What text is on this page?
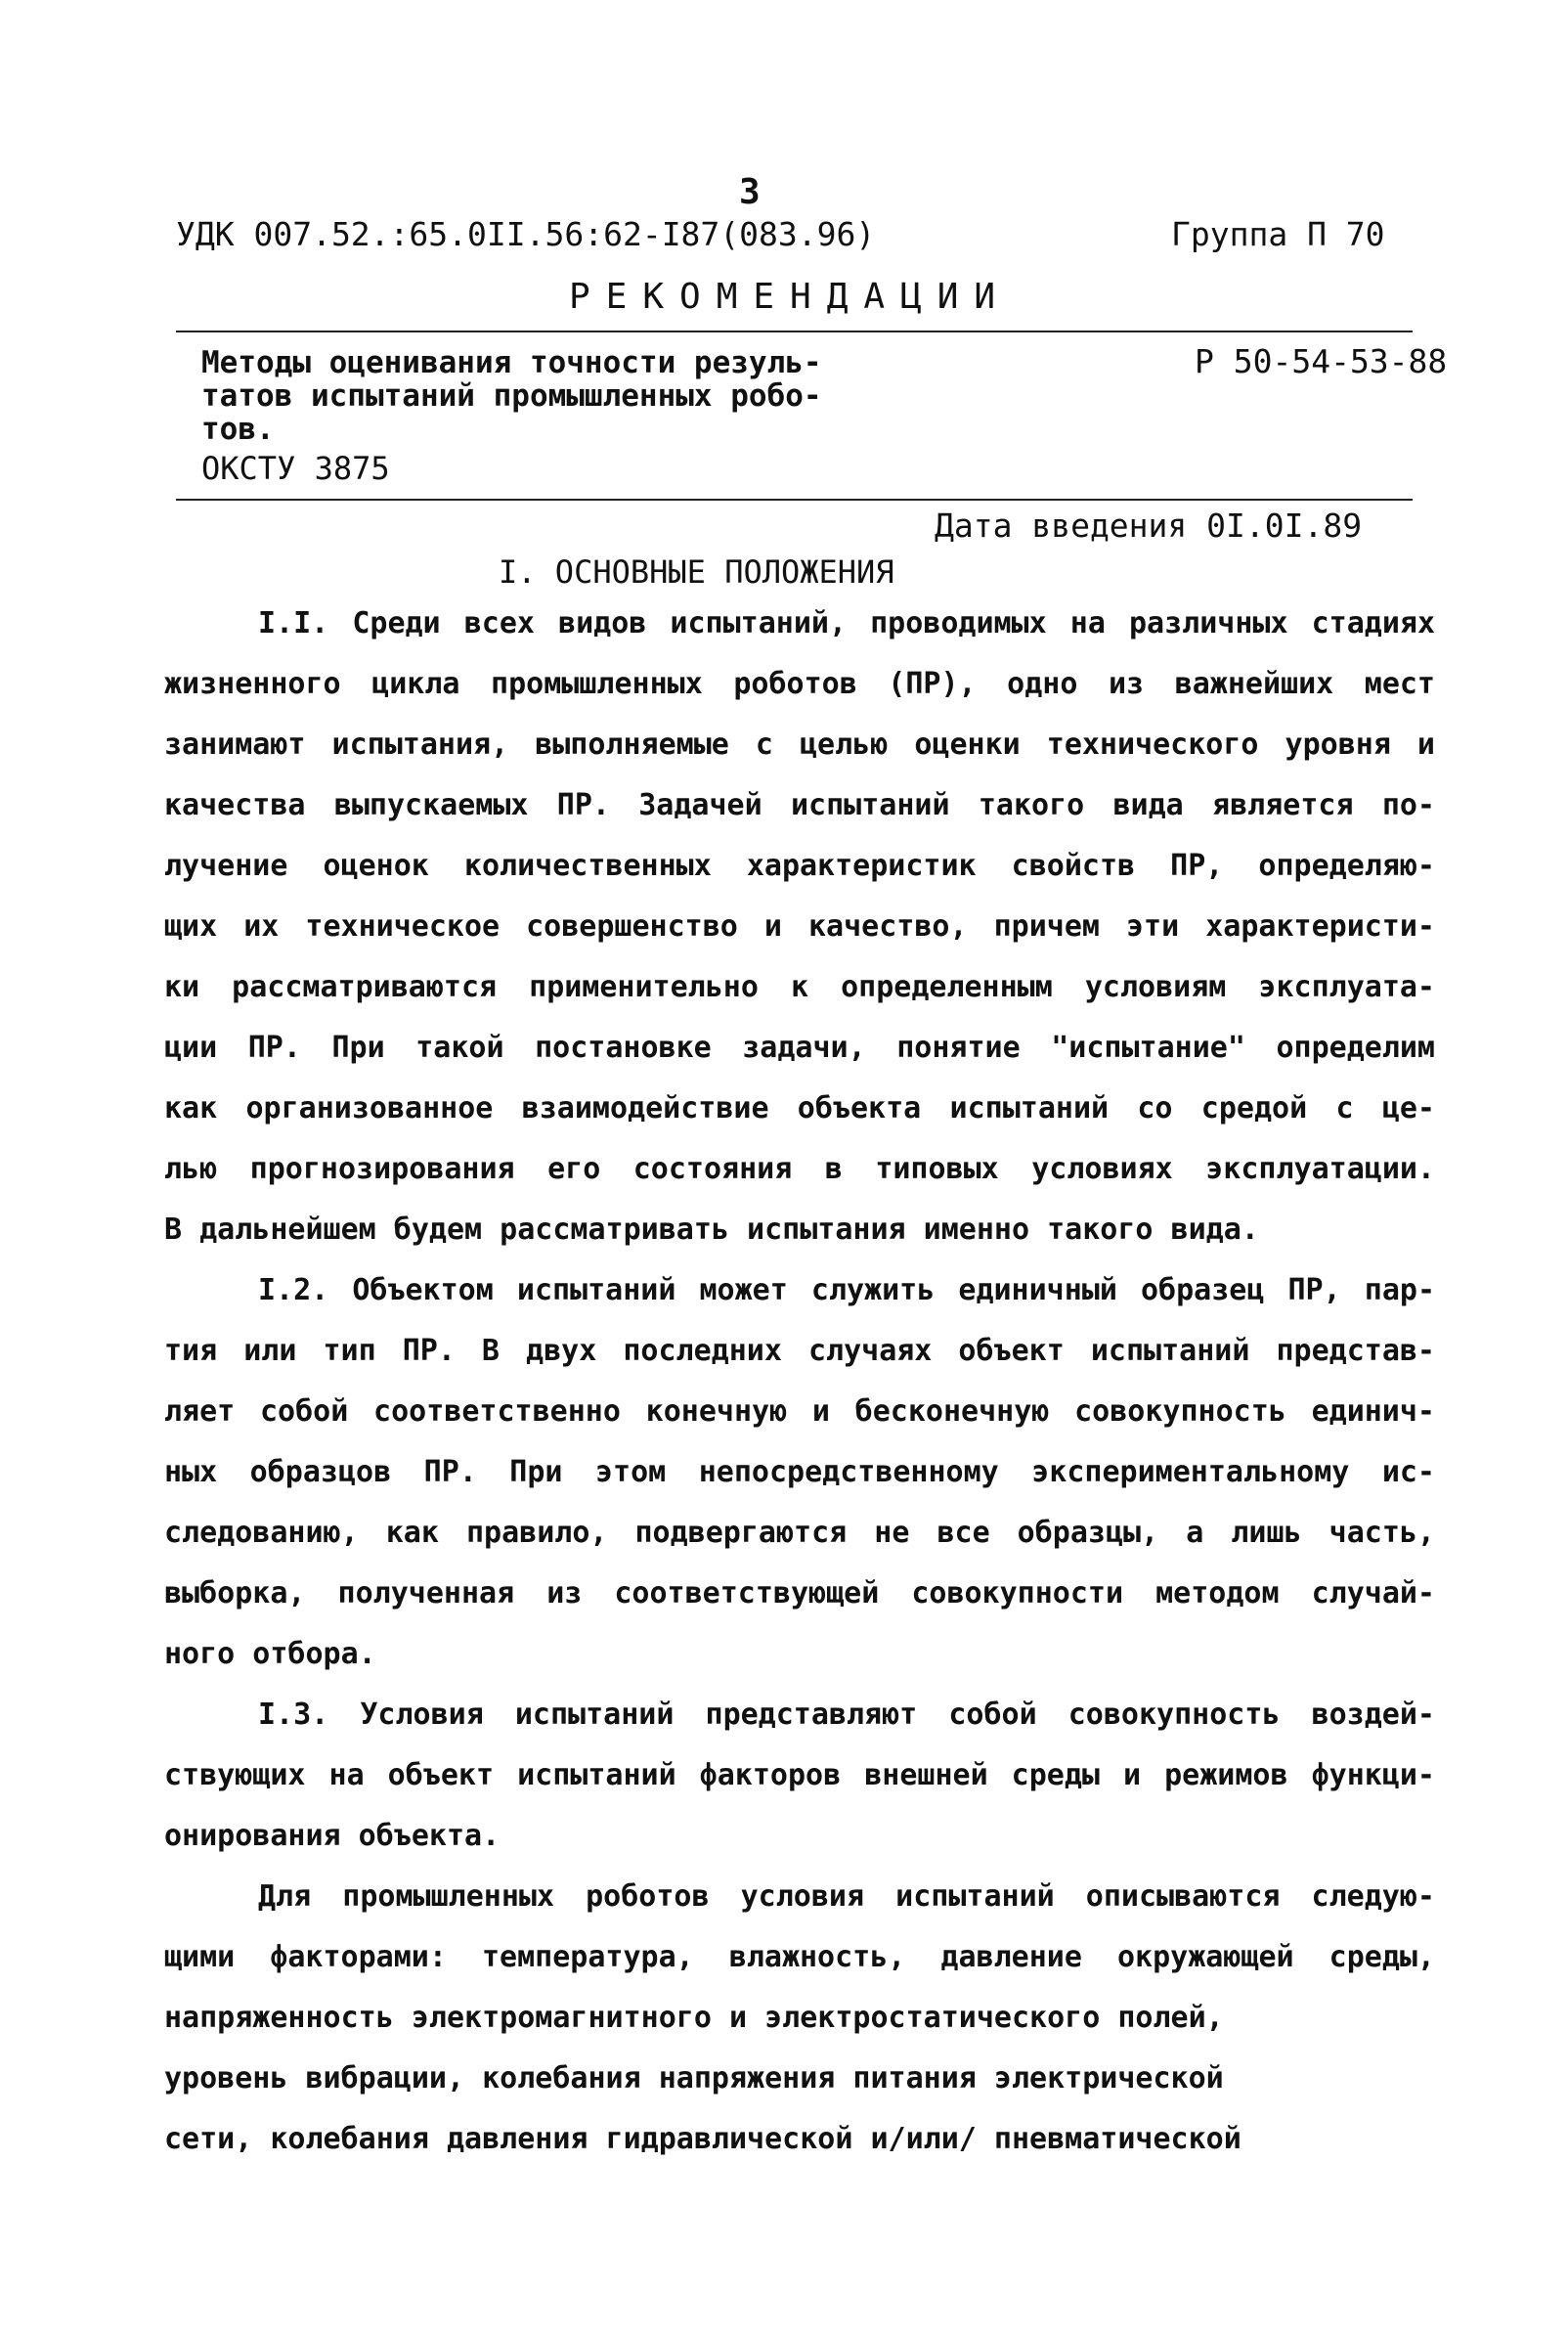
3
УДК 007.52.:65.0II.56:62-I87(083.96)	Группа П 70
РЕКОМЕНДАЦИИ
Методы оценивания точности резуль-
татов испытаний промышленных робо-
тов.
Р 50-54-53-88
ОКСТУ 3875
Дата введения 0I.0I.89
I. ОСНОВНЫЕ ПОЛОЖЕНИЯ
I.I. Среди всех видов испытаний, проводимых на различных стадиях
жизненного цикла промышленных роботов (ПР), одно из важнейших мест
занимают испытания, выполняемые с целью оценки технического уровня и
качества выпускаемых ПР. Задачей испытаний такого вида является по-
лучение оценок количественных характеристик свойств ПР, определяю-
щих их техническое совершенство и качество, причем эти характеристи-
ки рассматриваются применительно к определенным условиям эксплуата-
ции ПР. При такой постановке задачи, понятие "испытание" определим
как организованное взаимодействие объекта испытаний со средой с це-
лью прогнозирования его состояния в типовых условиях эксплуатации.
В дальнейшем будем рассматривать испытания именно такого вида.
I.2. Объектом испытаний может служить единичный образец ПР, пар-
тия или тип ПР. В двух последних случаях объект испытаний представ-
ляет собой соответственно конечную и бесконечную совокупность единич-
ных образцов ПР. При этом непосредственному экспериментальному ис-
следованию, как правило, подвергаются не все образцы, а лишь часть,
выборка, полученная из соответствующей совокупности методом случай-
ного отбора.
I.3. Условия испытаний представляют собой совокупность воздей-
ствующих на объект испытаний факторов внешней среды и режимов функци-
онирования объекта.
Для промышленных роботов условия испытаний описываются следую-
щими факторами: температура, влажность, давление окружающей среды,
напряженность электромагнитного и электростатического полей,
уровень вибрации, колебания напряжения питания электрической
сети, колебания давления гидравлической и/или/ пневматической
